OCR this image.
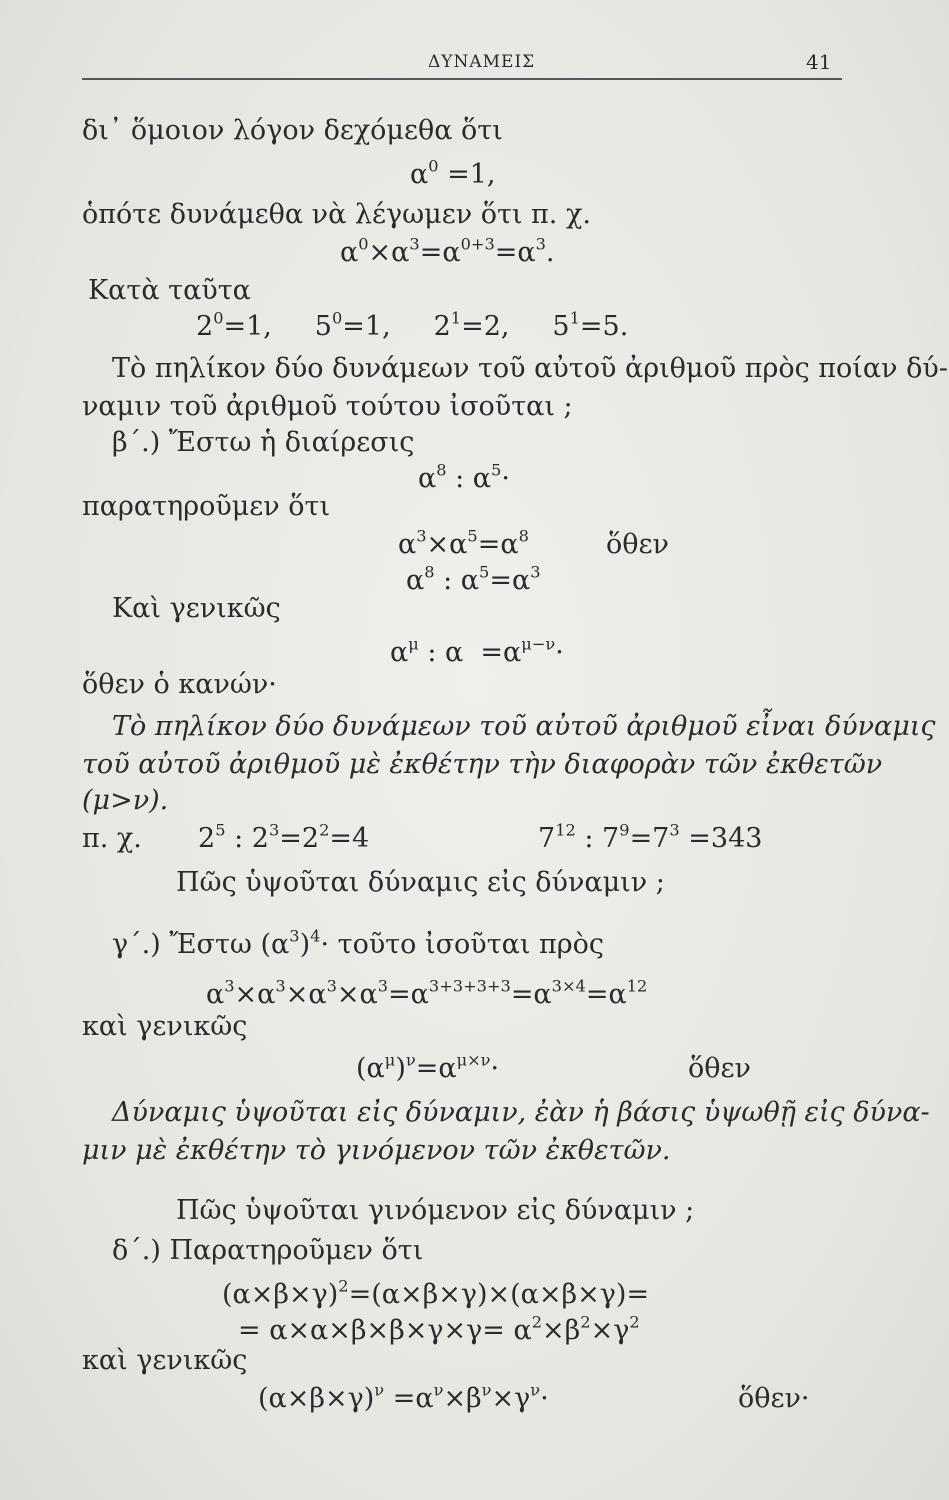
ΔΥΝΑΜΕΙΣ	41
δι᾽ ὅμοιον λόγον δεχόμεθα ὅτι
$\alpha^0 =1$,
ὁπότε δυνάμεθα νὰ λέγωμεν ὅτι π. χ.
$\alpha^0\times\alpha^3=\alpha^{0+3}=\alpha^3$.
Κατὰ ταῦτα
$2^0=1$,     $5^0=1$,     $2^1=2$,     $5^1=5$.
Τὸ πηλίκον δύο δυνάμεων τοῦ αὐτοῦ ἀριθμοῦ πρὸς ποίαν δύ-
ναμιν τοῦ ἀριθμοῦ τούτου ἰσοῦται ;
β΄.) Ἔστω ἡ διαίρεσις
$\alpha^8$ : $\alpha^5\cdot$
παρατηροῦμεν ὅτι
$\alpha^3\times\alpha^5=\alpha^8$	ὅθεν
$\alpha^8$ : $\alpha^5=\alpha^3$
Καὶ γενικῶς
$\alpha^\mu$ : $\alpha =\alpha^{\mu-\nu}\cdot$
ὅθεν ὁ κανών·
Τὸ πηλίκον δύο δυνάμεων τοῦ αὐτοῦ ἀριθμοῦ εἶναι δύναμις
τοῦ αὐτοῦ ἀριθμοῦ μὲ ἐκθέτην τὴν διαφορὰν τῶν ἐκθετῶν
(μ>ν).
π. χ. $2^5$ : $2^3=2^2=4$	$7^{12}$ : $7^9=7^3 =343$
Πῶς ὑψοῦται δύναμις εἰς δύναμιν ;
γ΄.) Ἔστω $(\alpha^3)^4\cdot$ τοῦτο ἰσοῦται πρὸς
$\alpha^3\times\alpha^3\times\alpha^3\times\alpha^3=\alpha^{3+3+3+3}=\alpha^{3\times 4}=\alpha^{12}$
καὶ γενικῶς
$(\alpha^\mu)^\nu=\alpha^{\mu\times\nu}\cdot$	ὅθεν
Δύναμις ὑψοῦται εἰς δύναμιν, ἐὰν ἡ βάσις ὑψωθῇ εἰς δύνα-
μιν μὲ ἐκθέτην τὸ γινόμενον τῶν ἐκθετῶν.
Πῶς ὑψοῦται γινόμενον εἰς δύναμιν ;
δ΄.) Παρατηροῦμεν ὅτι
$(\alpha\times\beta\times\gamma)^2=(\alpha\times\beta\times\gamma)\times(\alpha\times\beta\times\gamma)=$
= $\alpha\times\alpha\times\beta\times\beta\times\gamma\times\gamma= \alpha^2\times\beta^2\times\gamma^2$
καὶ γενικῶς
$(\alpha\times\beta\times\gamma)^\nu =\alpha^\nu\times\beta^\nu\times\gamma^\nu\cdot$	ὅθεν·
